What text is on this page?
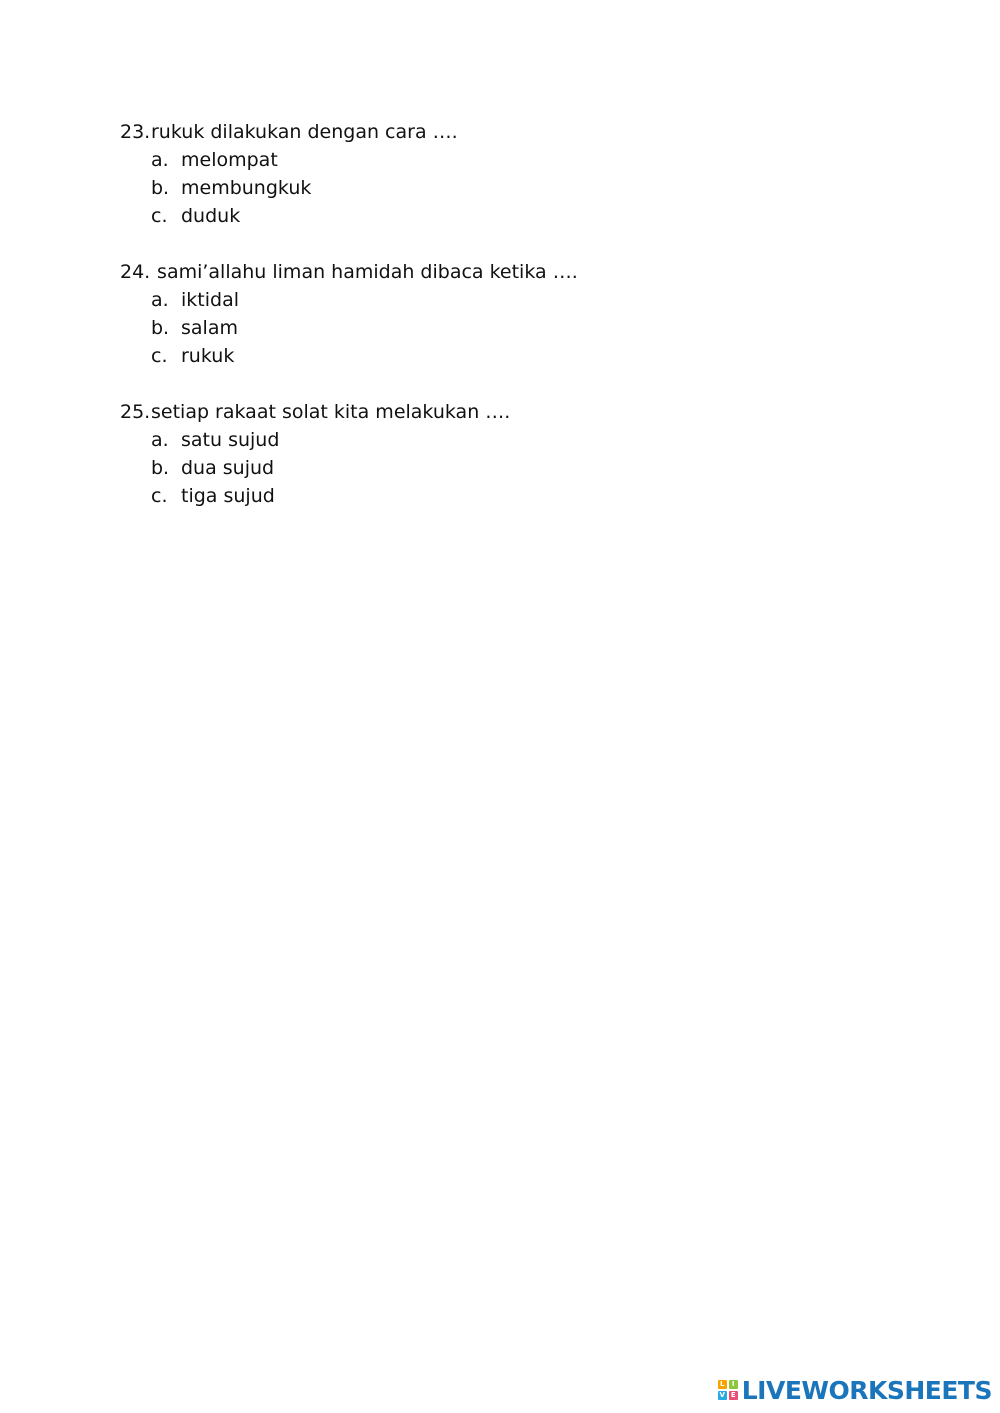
23. rukuk dilakukan dengan cara ….
a. melompat
b. membungkuk
c. duduk
24. sami’allahu liman hamidah dibaca ketika ….
a. iktidal
b. salam
c. rukuk
25. setiap rakaat solat kita melakukan ….
a. satu sujud
b. dua sujud
c. tiga sujud
L	I
V E LIVEWORKSHEETS
